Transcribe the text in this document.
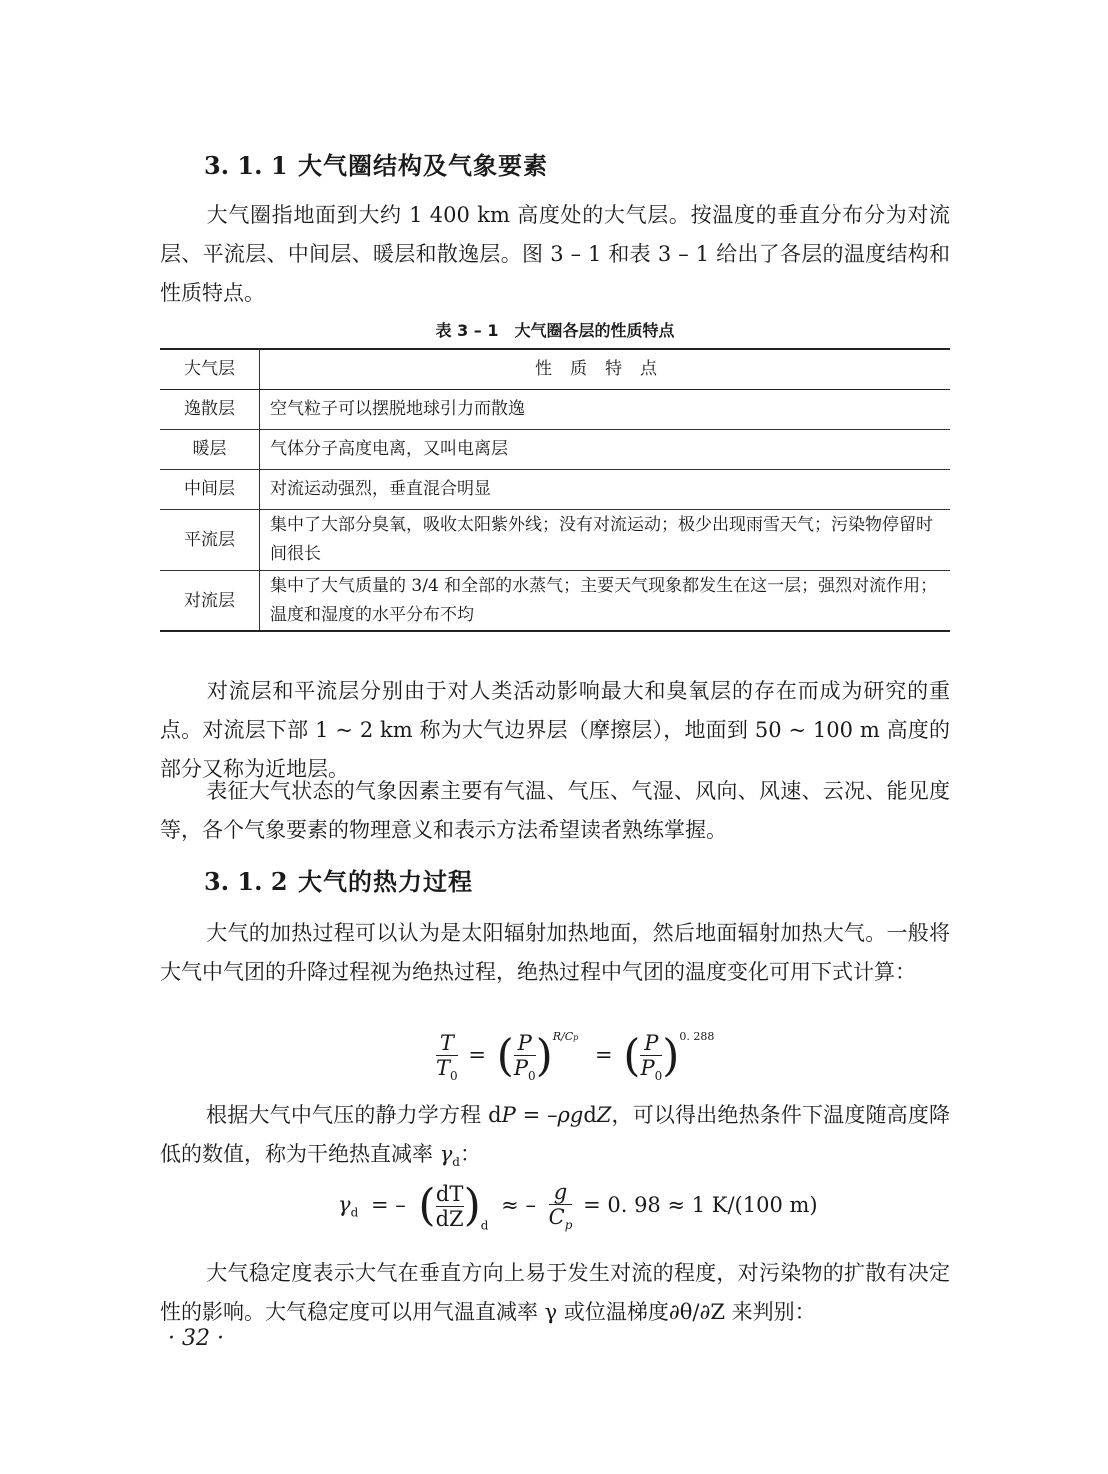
3. 1. 1 大气圈结构及气象要素
大气圈指地面到大约 1 400 km 高度处的大气层。按温度的垂直分布分为对流层、平流层、中间层、暖层和散逸层。图 3 – 1 和表 3 – 1 给出了各层的温度结构和性质特点。
表 3 – 1　大气圈各层的性质特点
大气层	性质特点
逸散层	空气粒子可以摆脱地球引力而散逸
暖层	气体分子高度电离，又叫电离层
中间层	对流运动强烈，垂直混合明显
平流层	集中了大部分臭氧，吸收太阳紫外线；没有对流运动；极少出现雨雪天气；污染物停留时间很长
对流层	集中了大气质量的 3/4 和全部的水蒸气；主要天气现象都发生在这一层；强烈对流作用；温度和湿度的水平分布不均
对流层和平流层分别由于对人类活动影响最大和臭氧层的存在而成为研究的重点。对流层下部 1 ~ 2 km 称为大气边界层（摩擦层），地面到 50 ~ 100 m 高度的部分又称为近地层。
表征大气状态的气象因素主要有气温、气压、气湿、风向、风速、云况、能见度等，各个气象要素的物理意义和表示方法希望读者熟练掌握。
3. 1. 2 大气的热力过程
大气的加热过程可以认为是太阳辐射加热地面，然后地面辐射加热大气。一般将大气中气团的升降过程视为绝热过程，绝热过程中气团的温度变化可用下式计算：
$\frac{T}{T_0}$ = ( $\frac{P}{P_0} )^{R/Cp}$ = ( $\frac{P}{P_0} )^{0. 288}$
根据大气中气压的静力学方程 dP = –ρgdZ，可以得出绝热条件下温度随高度降低的数值，称为干绝热直减率 $\gamma_d$：
$\gamma_d$ = – ( $\frac{dT}{dZ} )_d$ ≈ – $\frac{g}{C_p} = 0$. 98 ≈ 1 K/(100 m)
大气稳定度表示大气在垂直方向上易于发生对流的程度，对污染物的扩散有决定性的影响。大气稳定度可以用气温直减率 γ 或位温梯度∂θ/∂Z 来判别：
· 32 ·
